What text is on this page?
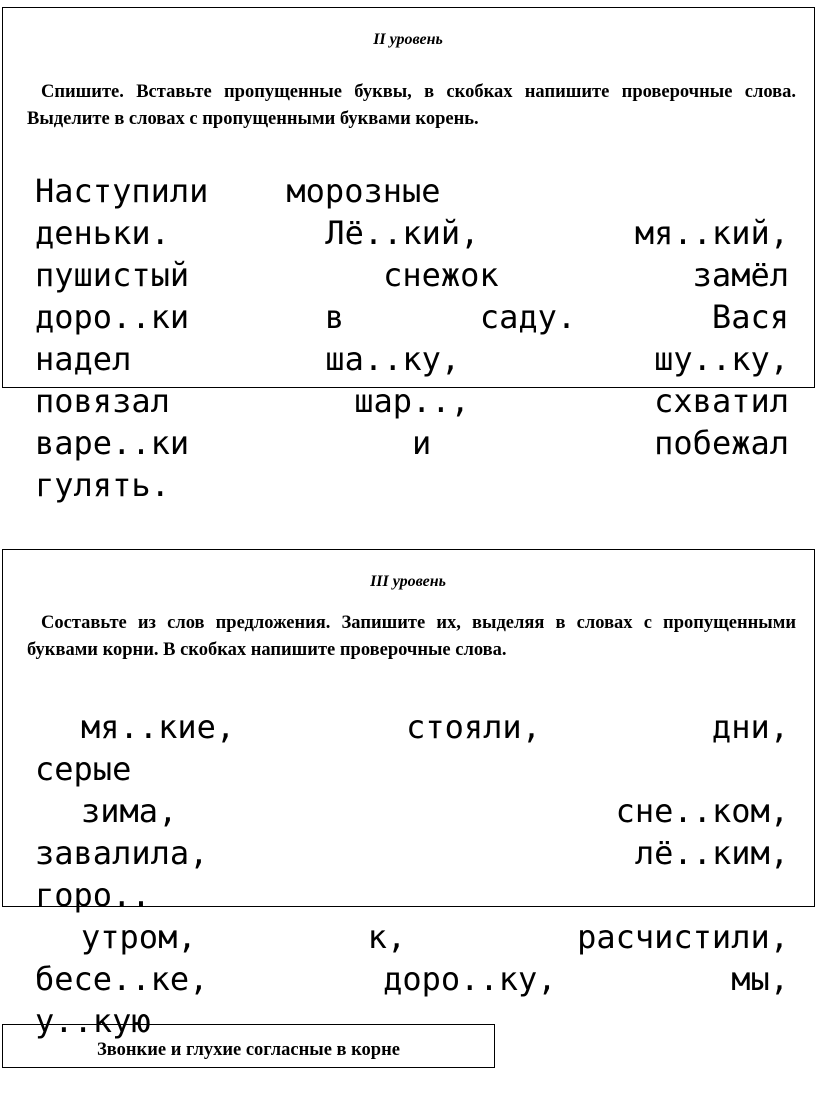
II уровень
Спишите. Вставьте пропущенные буквы, в скобках напишите проверочные слова. Выделите в словах с пропущенными буквами корень.
Наступили морозные
деньки.	Лё..кий,	мя..кий,
пушистый	снежок	замёл
доро..ки	в	саду.	Вася
надел	ша..ку,	шу..ку,
повязал	шар..,	схватил
варе..ки	и	побежал
гулять.
III уровень
Составьте из слов предложения. Запишите их, выделяя в словах с пропущенными буквами корни. В скобках напишите проверочные слова.
мя..кие,	стояли,	дни,
серые
зима,	сне..ком,
завалила,	лё..ким,
горо..
утром,	к,	расчистили,
бесе..ке,	доро..ку,	мы,
у..кую
Звонкие и глухие согласные в корне
